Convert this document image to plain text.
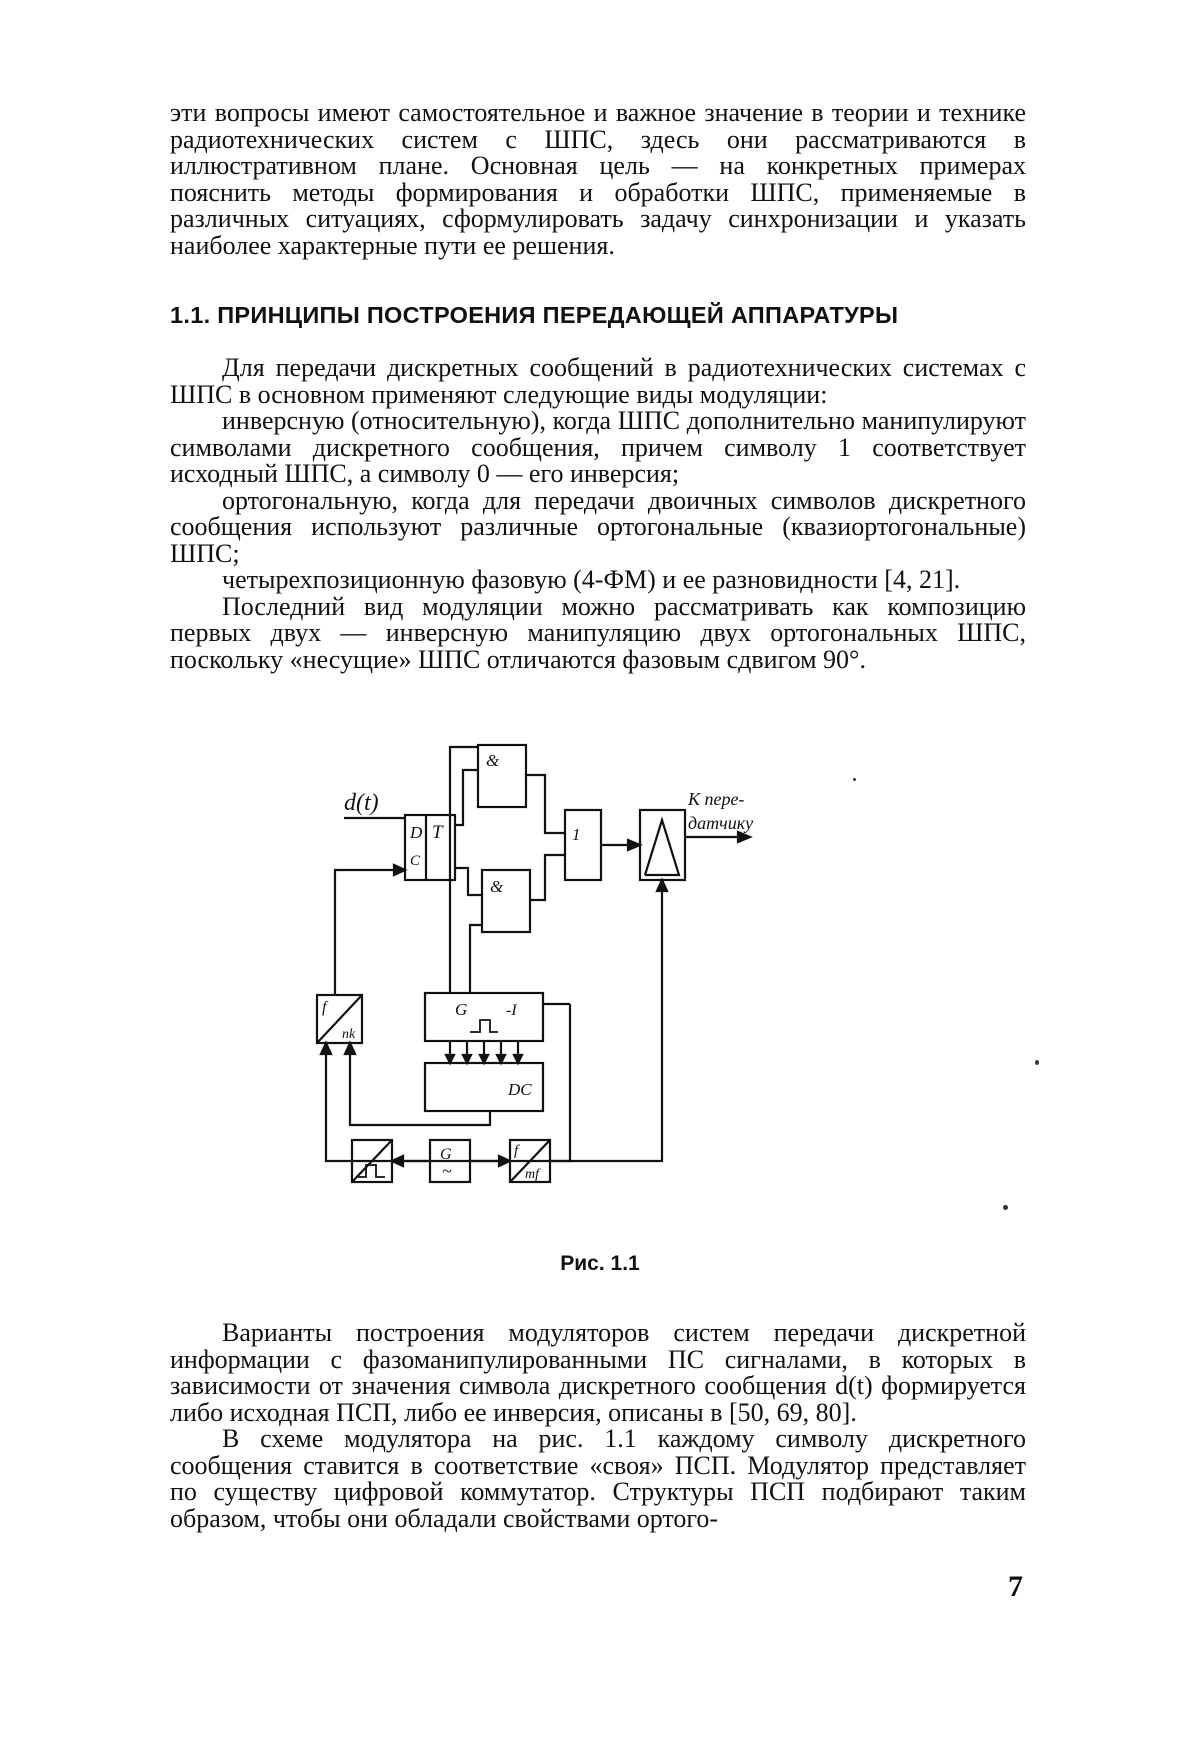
эти вопросы имеют самостоятельное и важное значение в теории и технике радиотехнических систем с ШПС, здесь они рассматриваются в иллюстративном плане. Основная цель — на конкретных примерах пояснить методы формирования и обработки ШПС, применяемые в различных ситуациях, сформулировать задачу синхронизации и указать наиболее характерные пути ее решения.

1.1. ПРИНЦИПЫ ПОСТРОЕНИЯ ПЕРЕДАЮЩЕЙ АППАРАТУРЫ

Для передачи дискретных сообщений в радиотехнических системах с ШПС в основном применяют следующие виды модуляции:

инверсную (относительную), когда ШПС дополнительно манипулируют символами дискретного сообщения, причем символу 1 соответствует исходный ШПС, а символу 0 — его инверсия;

ортогональную, когда для передачи двоичных символов дискретного сообщения используют различные ортогональные (квазиортогональные) ШПС;

четырехпозиционную фазовую (4-ФМ) и ее разновидности [4, 21].

Последний вид модуляции можно рассматривать как композицию первых двух — инверсную манипуляцию двух ортогональных ШПС, поскольку «несущие» ШПС отличаются фазовым сдвигом 90°.

D T
C
d(t)
&
&
1
К пере-
датчику
G -I
DC
f
nk
G
~
f
mf
Рис. 1.1

Варианты построения модуляторов систем передачи дискретной информации с фазоманипулированными ПС сигналами, в которых в зависимости от значения символа дискретного сообщения d(t) формируется либо исходная ПСП, либо ее инверсия, описаны в [50, 69, 80].

В схеме модулятора на рис. 1.1 каждому символу дискретного сообщения ставится в соответствие «своя» ПСП. Модулятор представляет по существу цифровой коммутатор. Структуры ПСП подбирают таким образом, чтобы они обладали свойствами ортого-

7
